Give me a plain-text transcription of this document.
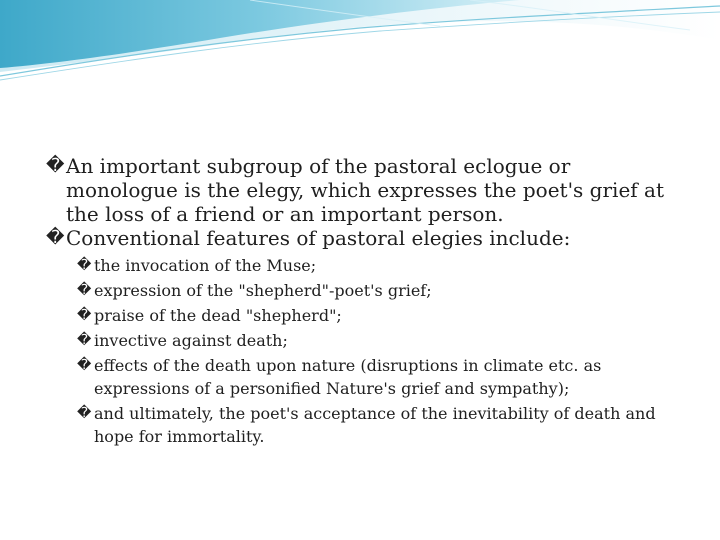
� An important subgroup of the pastoral eclogue or monologue is the elegy, which expresses the poet's grief at the loss of a friend or an important person.
� Conventional features of pastoral elegies include:
� the invocation of the Muse;
� expression of the "shepherd"-poet's grief;
� praise of the dead "shepherd";
� invective against death;
� effects of the death upon nature (disruptions in climate etc. as expressions of a personified Nature's grief and sympathy);
� and ultimately, the poet's acceptance of the inevitability of death and hope for immortality.
